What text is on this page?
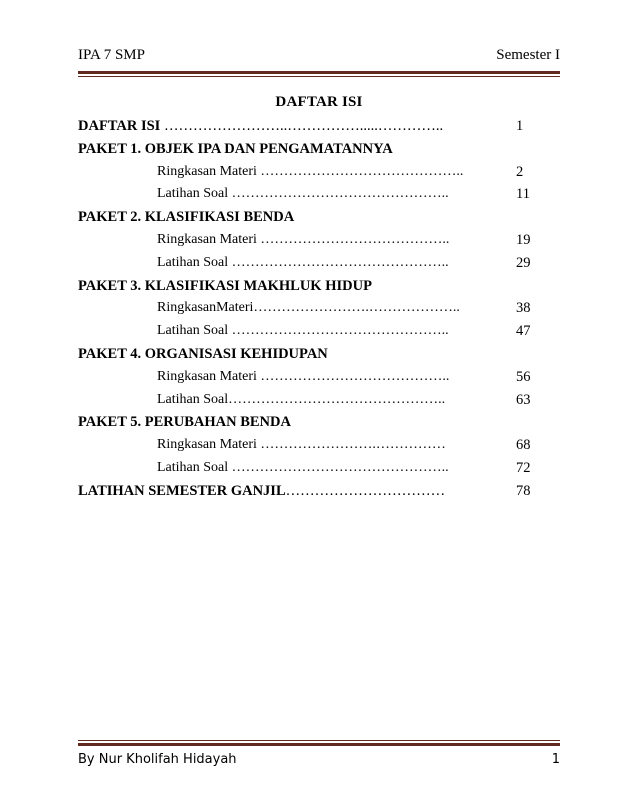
IPA 7 SMP	Semester I
DAFTAR ISI
DAFTAR ISI ……………………..…………….....…………..	1
PAKET 1. OBJEK IPA DAN PENGAMATANNYA
Ringkasan Materi ……………………………………..	2
Latihan Soal ………………………………………..	11
PAKET 2. KLASIFIKASI BENDA
Ringkasan Materi …………………………………..	19
Latihan Soal ………………………………………..	29
PAKET 3. KLASIFIKASI MAKHLUK HIDUP
RingkasanMateri…………………….………………..	38
Latihan Soal ………………………………………..	47
PAKET 4. ORGANISASI KEHIDUPAN
Ringkasan Materi …………………………………..	56
Latihan Soal………………………………………..	63
PAKET 5. PERUBAHAN BENDA
Ringkasan Materi …………………….……………	68
Latihan Soal ………………………………………..	72
LATIHAN SEMESTER GANJIL……………………………	78
By Nur Kholifah Hidayah	1
